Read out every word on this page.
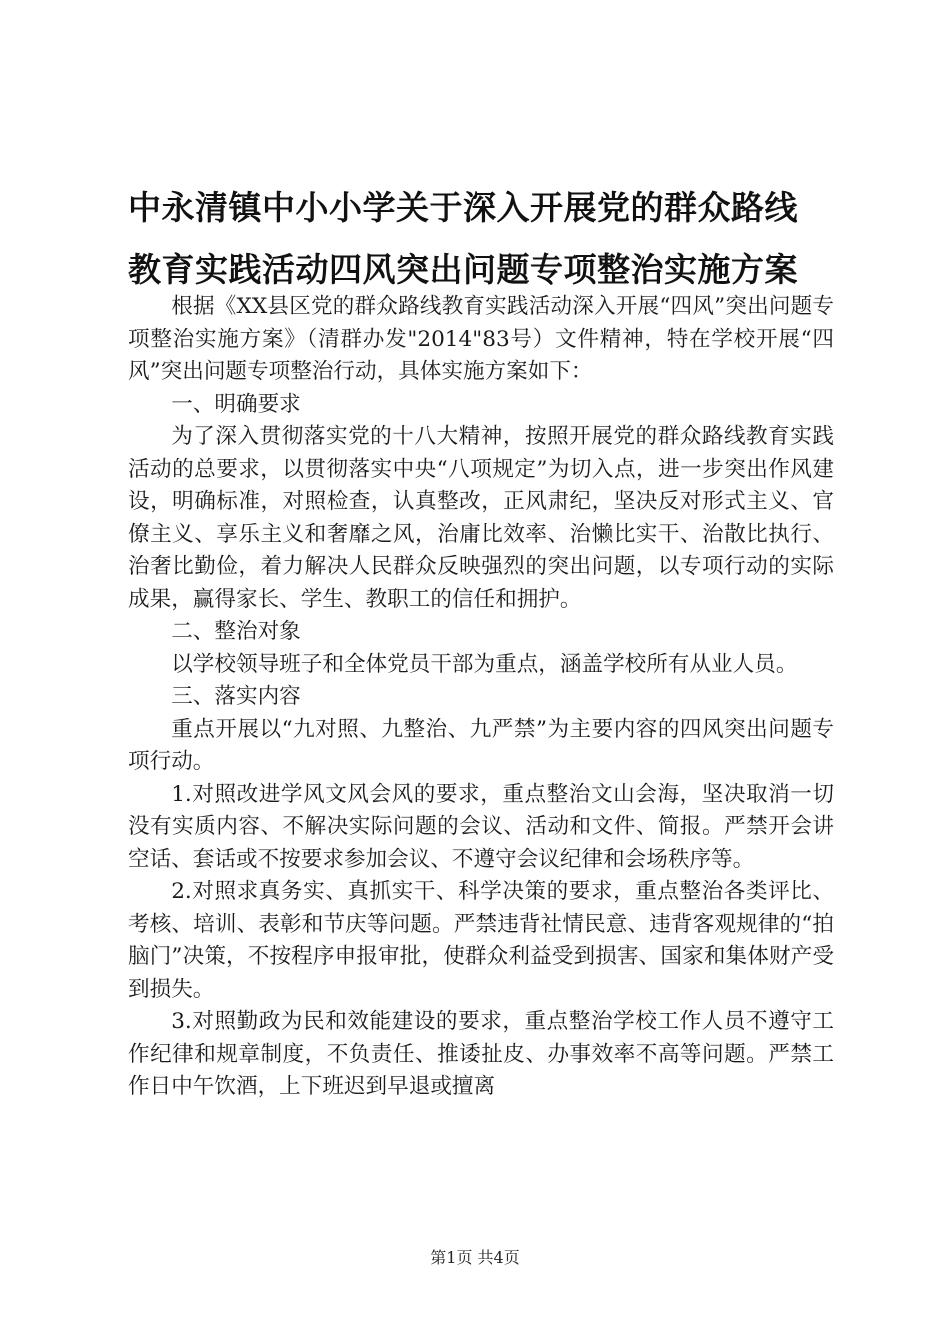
中永清镇中小小学关于深入开展党的群众路线
教育实践活动四风突出问题专项整治实施方案

根据《XX县区党的群众路线教育实践活动深入开展“四风”突出问题专项整治实施方案》（清群办发"2014"83号）文件精神，特在学校开展“四风”突出问题专项整治行动，具体实施方案如下：

一、明确要求

为了深入贯彻落实党的十八大精神，按照开展党的群众路线教育实践活动的总要求，以贯彻落实中央“八项规定”为切入点，进一步突出作风建设，明确标准，对照检查，认真整改，正风肃纪，坚决反对形式主义、官僚主义、享乐主义和奢靡之风，治庸比效率、治懒比实干、治散比执行、治奢比勤俭，着力解决人民群众反映强烈的突出问题，以专项行动的实际成果，赢得家长、学生、教职工的信任和拥护。

二、整治对象

以学校领导班子和全体党员干部为重点，涵盖学校所有从业人员。

三、落实内容

重点开展以“九对照、九整治、九严禁”为主要内容的四风突出问题专项行动。

1.对照改进学风文风会风的要求，重点整治文山会海，坚决取消一切没有实质内容、不解决实际问题的会议、活动和文件、简报。严禁开会讲空话、套话或不按要求参加会议、不遵守会议纪律和会场秩序等。

2.对照求真务实、真抓实干、科学决策的要求，重点整治各类评比、考核、培训、表彰和节庆等问题。严禁违背社情民意、违背客观规律的“拍脑门”决策，不按程序申报审批，使群众利益受到损害、国家和集体财产受到损失。

3.对照勤政为民和效能建设的要求，重点整治学校工作人员不遵守工作纪律和规章制度，不负责任、推诿扯皮、办事效率不高等问题。严禁工作日中午饮酒，上下班迟到早退或擅离

第1页 共4页
